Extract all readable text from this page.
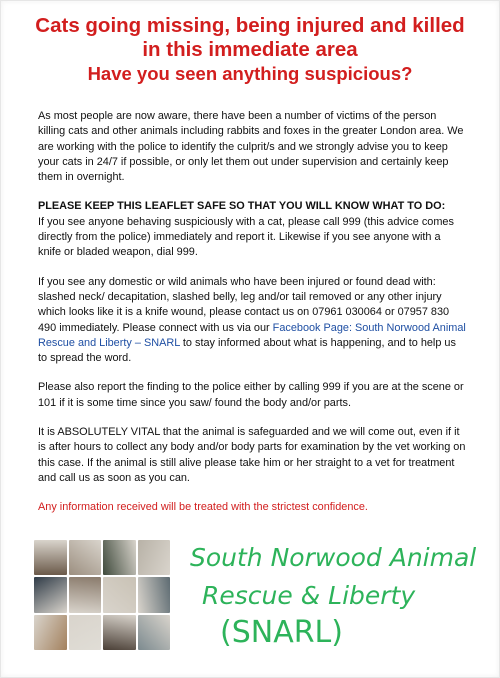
Cats going missing, being injured and killed

in this immediate area

Have you seen anything suspicious?

As most people are now aware, there have been a number of victims of the person killing cats and other animals including rabbits and foxes in the greater London area. We are working with the police to identify the culprit/s and we strongly advise you to keep your cats in 24/7 if possible, or only let them out under supervision and certainly keep them in overnight.

PLEASE KEEP THIS LEAFLET SAFE SO THAT YOU WILL KNOW WHAT TO DO:
If you see anyone behaving suspiciously with a cat, please call 999 (this advice comes directly from the police) immediately and report it. Likewise if you see anyone with a knife or bladed weapon, dial 999.

If you see any domestic or wild animals who have been injured or found dead with: slashed neck/ decapitation, slashed belly, leg and/or tail removed or any other injury which looks like it is a knife wound, please contact us on 07961 030064 or 07957 830 490 immediately. Please connect with us via our Facebook Page: South Norwood Animal Rescue and Liberty – SNARL to stay informed about what is happening, and to help us to spread the word.

Please also report the finding to the police either by calling 999 if you are at the scene or 101 if it is some time since you saw/ found the body and/or parts.

It is ABSOLUTELY VITAL that the animal is safeguarded and we will come out, even if it is after hours to collect any body and/or body parts for examination by the vet working on this case. If the animal is still alive please take him or her straight to a vet for treatment and call us as soon as you can.

Any information received will be treated with the strictest confidence.

South Norwood Animal
Rescue & Liberty
(SNARL)
